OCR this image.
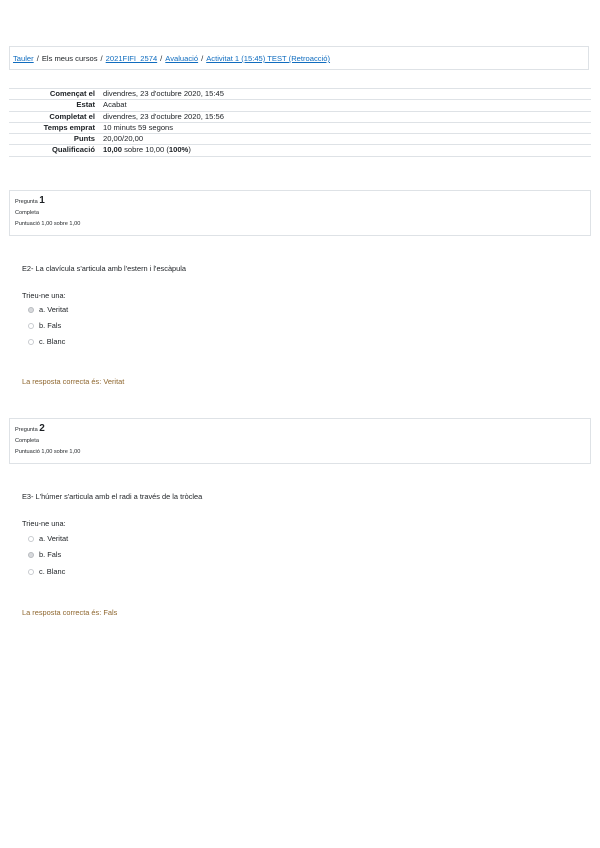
Tauler / Els meus cursos / 2021FIFI_2574 / Avaluació / Activitat 1 (15:45) TEST (Retroacció)
Començat el	divendres, 23 d'octubre 2020, 15:45
Estat	Acabat
Completat el	divendres, 23 d'octubre 2020, 15:56
Temps emprat	10 minuts 59 segons
Punts	20,00/20,00
Qualificació	10,00 sobre 10,00 (100%)
Pregunta 1
Completa
Puntuació 1,00 sobre 1,00
E2- La clavícula s'articula amb l'estern i l'escàpula
Trieu-ne una:
a. Veritat
b. Fals
c. Blanc
La resposta correcta és: Veritat
Pregunta 2
Completa
Puntuació 1,00 sobre 1,00
E3- L'húmer s'articula amb el radi a través de la tròclea
Trieu-ne una:
a. Veritat
b. Fals
c. Blanc
La resposta correcta és: Fals
